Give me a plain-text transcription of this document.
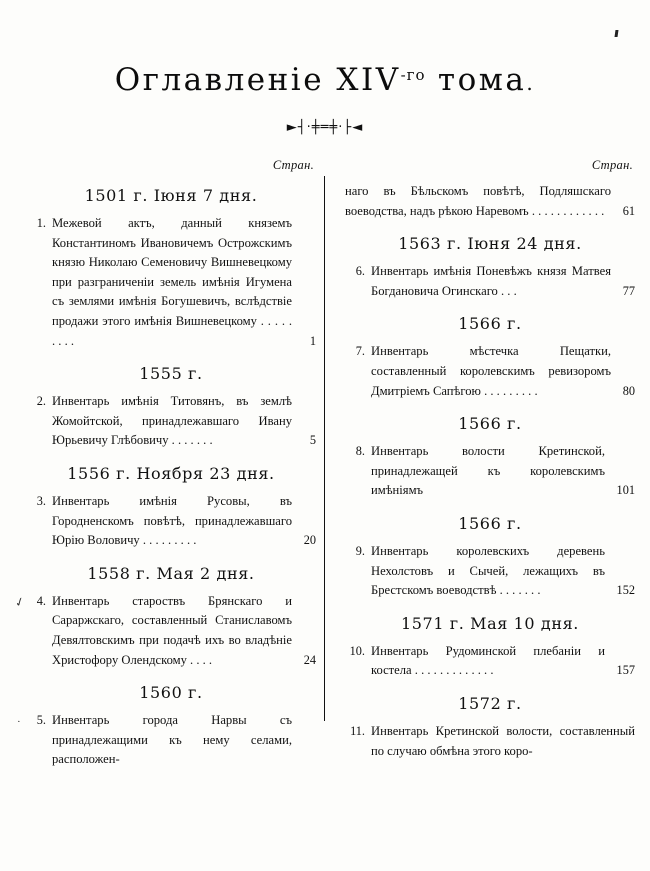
Оглавленіе $XIV^{-го}$ тома.
►┤·╪═╪·├◄
Стран.
1501 г. Іюня 7 дня.
1. Межевой актъ, данный княземъ Константиномъ Ивановичемъ Острожскимъ князю Николаю Семеновичу Вишневецкому при разграниченіи земель имѣнія Игумена съ землями имѣнія Богушевичъ, вслѣдствіе продажи этого имѣнія Вишневецкому . . . . . . . . .	1
1555 г.
2. Инвентарь имѣнія Титовянъ, въ землѣ Жомойтской, принадлежавшаго Ивану Юрьевичу Глѣбовичу . . . . . . .	5
1556 г. Ноября 23 дня.
3. Инвентарь имѣнія Русовы, въ Городненскомъ повѣтѣ, принадлежавшаго Юрію Воловичу . . . . . . . . .	20
1558 г. Мая 2 дня.
✓ 4. Инвентарь староствъ Брянскаго и Сараржскаго, составленный Станиславомъ Девялтовскимъ при подачѣ ихъ во владѣніе Христофору Олендскому . . . .	24
1560 г.
·	5. Инвентарь города Нарвы съ принадлежащими къ нему селами, расположен-
Стран.
наго въ Бѣльскомъ повѣтѣ, Подляшскаго воеводства, надъ рѣкою Наревомъ . . . . . . . . . . . .	61
1563 г. Іюня 24 дня.
6. Инвентарь имѣнія Поневѣжъ князя Матвея Богдановича Огинскаго . . .	77
1566 г.
7. Инвентарь мѣстечка Пещатки, составленный королевскимъ ревизоромъ Дмитріемъ Сапѣгою . . . . . . . . .	80
1566 г.
8. Инвентарь волости Кретинской, принадлежащей къ королевскимъ имѣніямъ	101
1566 г.
9. Инвентарь королевскихъ деревень Нехолстовъ и Сычей, лежащихъ въ Брестскомъ воеводствѣ . . . . . . .	152
1571 г. Мая 10 дня.
10. Инвентарь Рудоминской плебаніи и костела . . . . . . . . . . . . .	157
1572 г.
11. Инвентарь Кретинской волости, составленный по случаю обмѣна этого коро-
